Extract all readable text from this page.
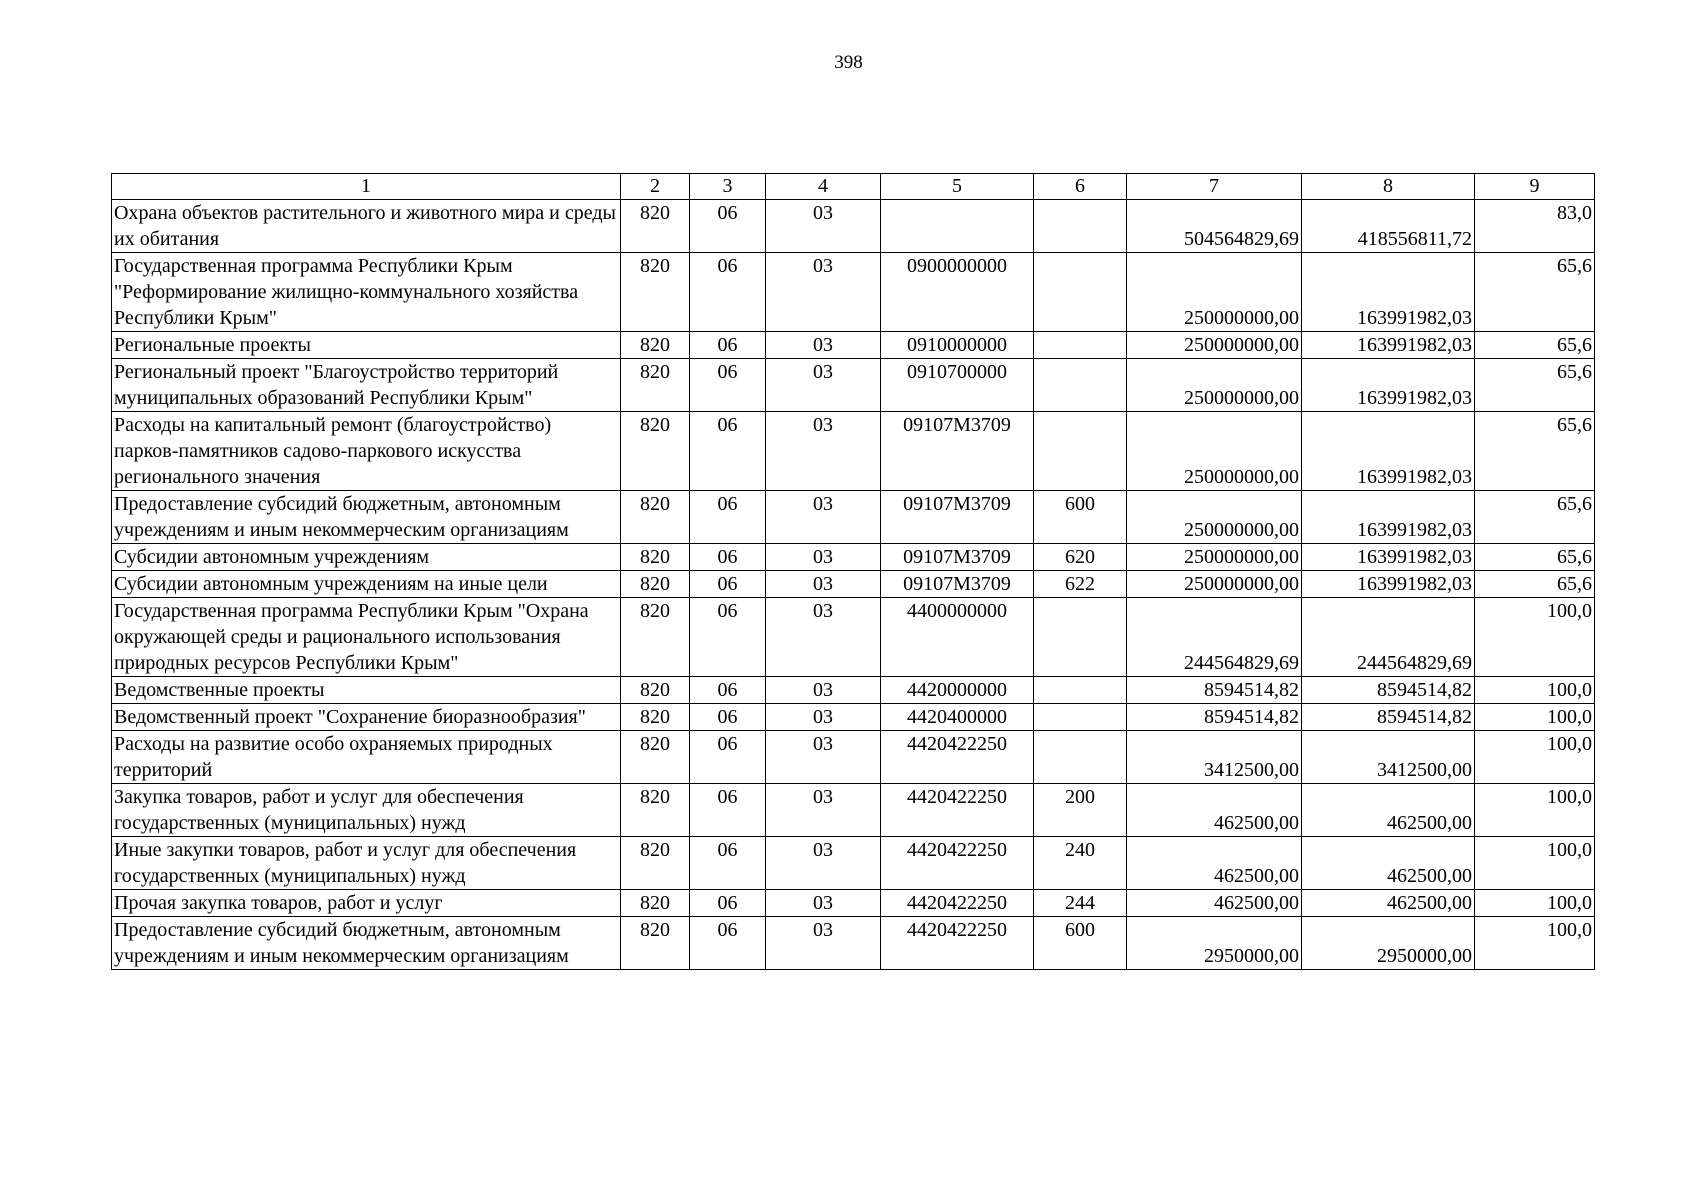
398
1	2	3	4	5	6	7	8	9
Охрана объектов растительного и животного мира и среды их обитания	820	06	03			504564829,69	418556811,72	83,0
Государственная программа Республики Крым "Реформирование жилищно-коммунального хозяйства Республики Крым"	820	06	03	0900000000		250000000,00	163991982,03	65,6
Региональные проекты	820	06	03	0910000000		250000000,00	163991982,03	65,6
Региональный проект "Благоустройство территорий муниципальных образований Республики Крым"	820	06	03	0910700000		250000000,00	163991982,03	65,6
Расходы на капитальный ремонт (благоустройство) парков-памятников садово-паркового искусства регионального значения	820	06	03	09107М3709		250000000,00	163991982,03	65,6
Предоставление субсидий бюджетным, автономным учреждениям и иным некоммерческим организациям	820	06	03	09107М3709	600	250000000,00	163991982,03	65,6
Субсидии автономным учреждениям	820	06	03	09107М3709	620	250000000,00	163991982,03	65,6
Субсидии автономным учреждениям на иные цели	820	06	03	09107М3709	622	250000000,00	163991982,03	65,6
Государственная программа Республики Крым "Охрана окружающей среды и рационального использования природных ресурсов Республики Крым"	820	06	03	4400000000		244564829,69	244564829,69	100,0
Ведомственные проекты	820	06	03	4420000000		8594514,82	8594514,82	100,0
Ведомственный проект "Сохранение биоразнообразия"	820	06	03	4420400000		8594514,82	8594514,82	100,0
Расходы на развитие особо охраняемых природных территорий	820	06	03	4420422250		3412500,00	3412500,00	100,0
Закупка товаров, работ и услуг для обеспечения государственных (муниципальных) нужд	820	06	03	4420422250	200	462500,00	462500,00	100,0
Иные закупки товаров, работ и услуг для обеспечения государственных (муниципальных) нужд	820	06	03	4420422250	240	462500,00	462500,00	100,0
Прочая закупка товаров, работ и услуг	820	06	03	4420422250	244	462500,00	462500,00	100,0
Предоставление субсидий бюджетным, автономным учреждениям и иным некоммерческим организациям	820	06	03	4420422250	600	2950000,00	2950000,00	100,0
